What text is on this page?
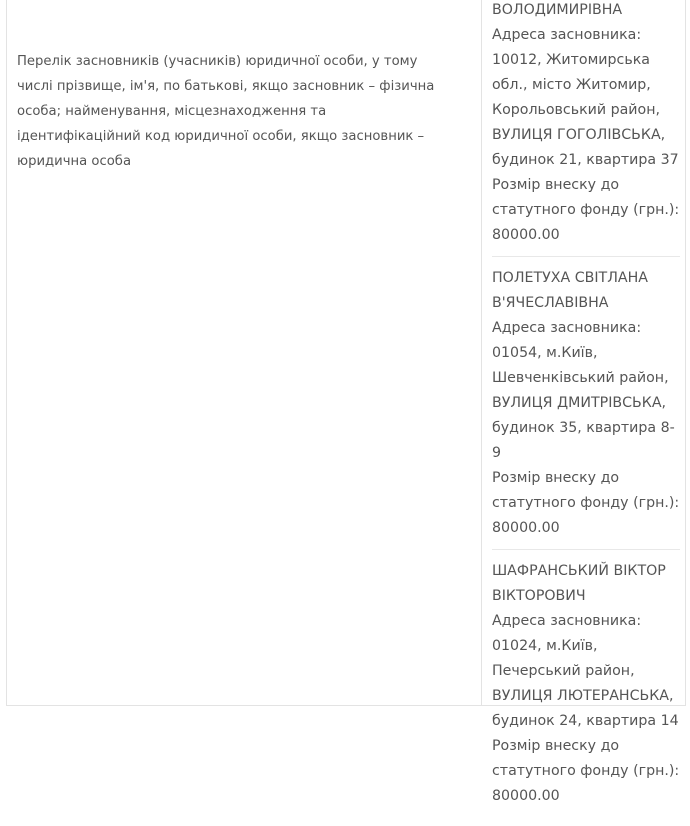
Перелік засновників (учасників) юридичної особи, у тому числі прізвище, ім'я, по батькові, якщо засновник – фізична особа; найменування, місцезнаходження та ідентифікаційний код юридичної особи, якщо засновник – юридична особа
ВОЛОДИМИРІВНА
Адреса засновника: 10012, Житомирська обл., місто Житомир, Корольовський район, ВУЛИЦЯ ГОГОЛІВСЬКА, будинок 21, квартира 37
Розмір внеску до статутного фонду (грн.): 80000.00
ПОЛЕТУХА СВІТЛАНА В'ЯЧЕСЛАВІВНА
Адреса засновника: 01054, м.Київ, Шевченківський район, ВУЛИЦЯ ДМИТРІВСЬКА, будинок 35, квартира 8-9
Розмір внеску до статутного фонду (грн.): 80000.00
ШАФРАНСЬКИЙ ВІКТОР ВІКТОРОВИЧ
Адреса засновника: 01024, м.Київ, Печерський район, ВУЛИЦЯ ЛЮТЕРАНСЬКА, будинок 24, квартира 14
Розмір внеску до статутного фонду (грн.): 80000.00
